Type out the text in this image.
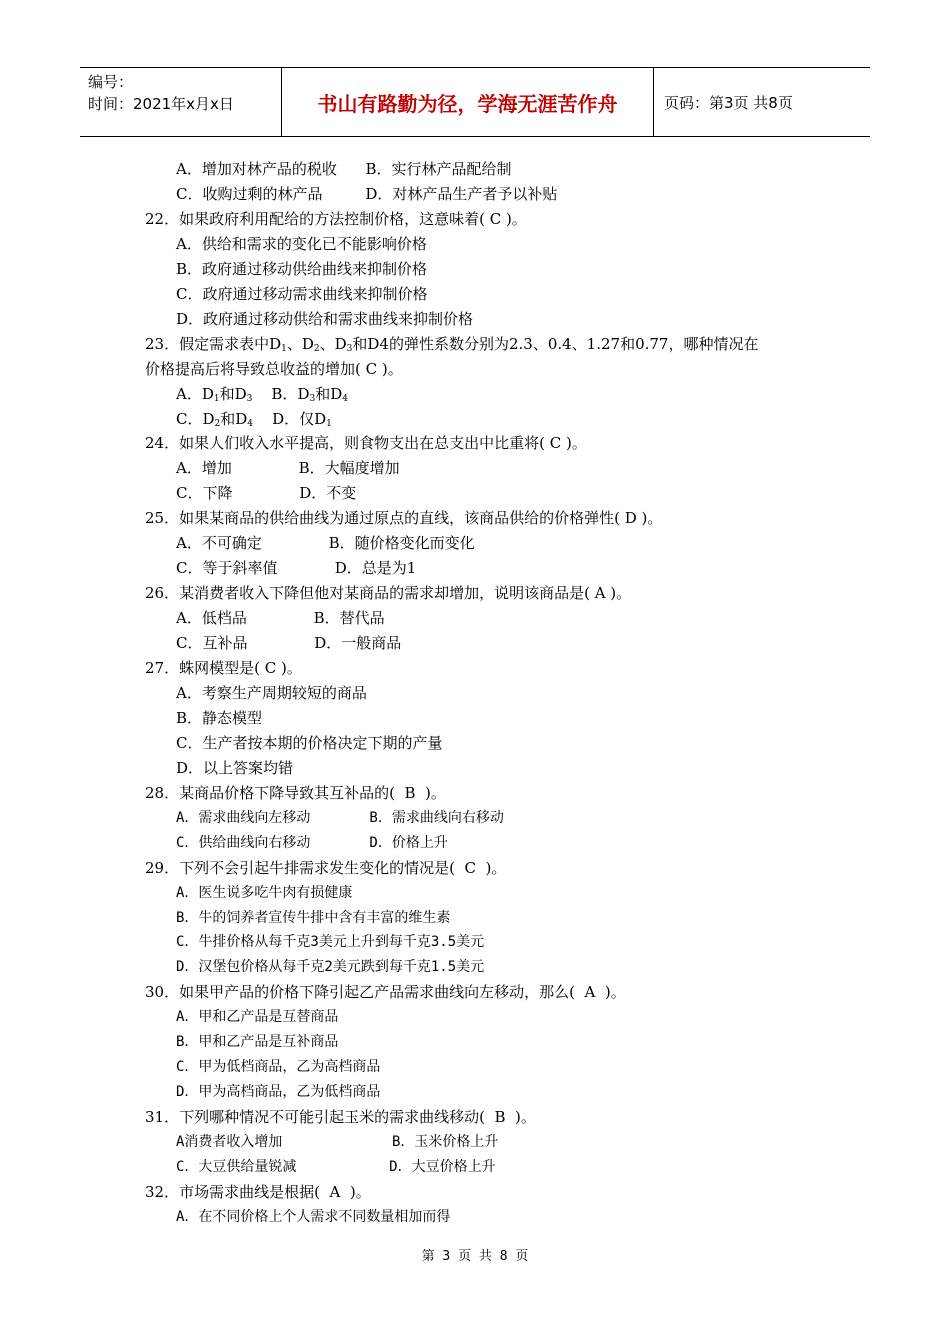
编号：
时间：2021年x月x日	书山有路勤为径，学海无涯苦作舟	页码：第3页 共8页
A．增加对林产品的税收      B．实行林产品配给制
C．收购过剩的林产品         D．对林产品生产者予以补贴
22．如果政府利用配给的方法控制价格，这意味着( C )。
A．供给和需求的变化已不能影响价格
B．政府通过移动供给曲线来抑制价格
C．政府通过移动需求曲线来抑制价格
D．政府通过移动供给和需求曲线来抑制价格
23．假定需求表中$D_1$、$D_2$、$D_3$和D4的弹性系数分别为2.3、0.4、1.27和0.77，哪种情况在
价格提高后将导致总收益的增加( C )。
A．$D_1$和$D_3$    B．$D_3$和$D_4$
C．$D_2$和$D_4$    D．仅$D_1$
24．如果人们收入水平提高，则食物支出在总支出中比重将( C )。
A．增加              B．大幅度增加
C．下降              D．不变
25．如果某商品的供给曲线为通过原点的直线，该商品供给的价格弹性( D )。
A．不可确定              B．随价格变化而变化
C．等于斜率值            D．总是为1
26．某消费者收入下降但他对某商品的需求却增加，说明该商品是( A )。
A．低档品              B．替代品
C．互补品              D．一般商品
27．蛛网模型是( C )。
A．考察生产周期较短的商品
B．静态模型
C．生产者按本期的价格决定下期的产量
D．以上答案均错
28．某商品价格下降导致其互补品的(  B  )。
A．需求曲线向左移动       B．需求曲线向右移动
C．供给曲线向右移动       D．价格上升
29．下列不会引起牛排需求发生变化的情况是(  C  )。
A．医生说多吃牛肉有损健康
B．牛的饲养者宣传牛排中含有丰富的维生素
C．牛排价格从每千克3美元上升到每千克3.5美元
D．汉堡包价格从每千克2美元跌到每千克1.5美元
30．如果甲产品的价格下降引起乙产品需求曲线向左移动，那么(  A  )。
A．甲和乙产品是互替商品
B．甲和乙产品是互补商品
C．甲为低档商品，乙为高档商品
D．甲为高档商品，乙为低档商品
31．下列哪种情况不可能引起玉米的需求曲线移动(  B  )。
A消费者收入增加             B．玉米价格上升
C．大豆供给量锐减           D．大豆价格上升
32．市场需求曲线是根据(  A  )。
A．在不同价格上个人需求不同数量相加而得
第 3 页 共 8 页
